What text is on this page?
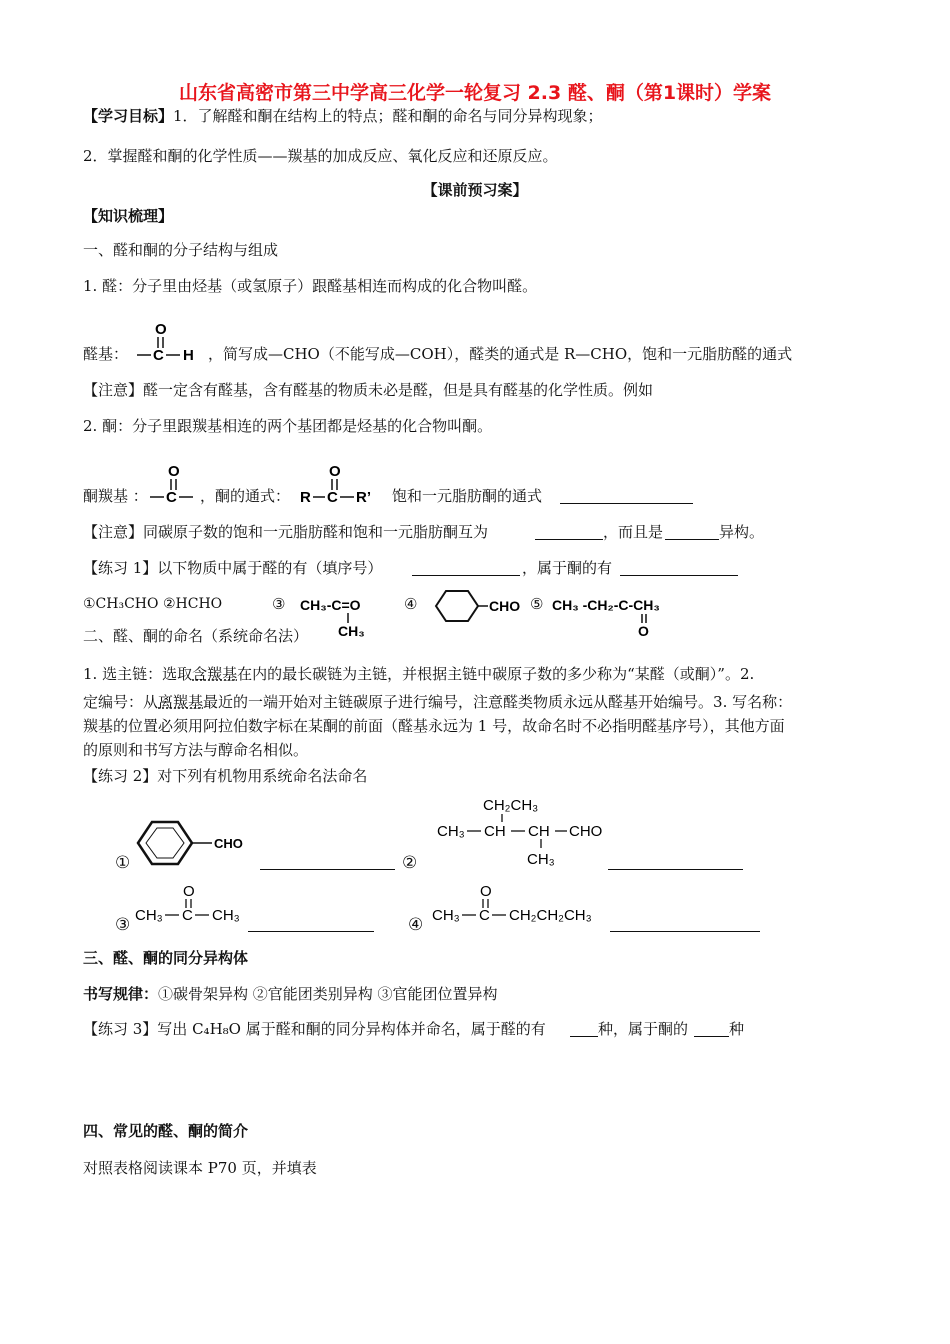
山东省高密市第三中学高三化学一轮复习 2.3 醛、酮（第1课时）学案
【学习目标】1．了解醛和酮在结构上的特点；醛和酮的命名与同分异构现象；
2．掌握醛和酮的化学性质——羰基的加成反应、氧化反应和还原反应。
【课前预习案】
【知识梳理】
一、醛和酮的分子结构与组成
1. 醛：分子里由烃基（或氢原子）跟醛基相连而构成的化合物叫醛。
醛基：
O
C H ，简写成—CHO（不能写成—COH），醛类的通式是 R—CHO，饱和一元脂肪醛的通式
【注意】醛一定含有醛基，含有醛基的物质未必是醛，但是具有醛基的化学性质。例如
2. 酮：分子里跟羰基相连的两个基团都是烃基的化合物叫酮。
酮羰基 ：
O
C ，酮的通式：
O
R C R’ 饱和一元脂肪酮的通式
【注意】同碳原子数的饱和一元脂肪醛和饱和一元脂肪酮互为	，而且是	异构。
【练习 1】以下物质中属于醛的有（填序号）	，属于酮的有
①CH₃CHO ②HCHO	③ CH₃-C=O
CH₃
④	CHO ⑤ CH₃ -CH₂-C-CH₃
O
二、醛、酮的命名（系统命名法）
1. 选主链：选取含羰基在内的最长碳链为主链，并根据主链中碳原子数的多少称为“某醛（或酮）”。2.
定编号：从离羰基最近的一端开始对主链碳原子进行编号，注意醛类物质永远从醛基开始编号。3. 写名称：
羰基的位置必须用阿拉伯数字标在某酮的前面（醛基永远为 1 号，故命名时不必指明醛基序号），其他方面
的原则和书写方法与醇命名相似。
【练习 2】对下列有机物用系统命名法命名
①
CHO
②
CH₂CH₃
CH₃ CH CH CHO
CH₃
③
O
CH₃ C CH₃	④
O
CH₃ C CH₂CH₂CH₃
三、醛、酮的同分异构体
书写规律：①碳骨架异构 ②官能团类别异构 ③官能团位置异构
【练习 3】写出 C₄H₈O 属于醛和酮的同分异构体并命名，属于醛的有	种，属于酮的	种
四、常见的醛、酮的简介
对照表格阅读课本 P70 页，并填表
